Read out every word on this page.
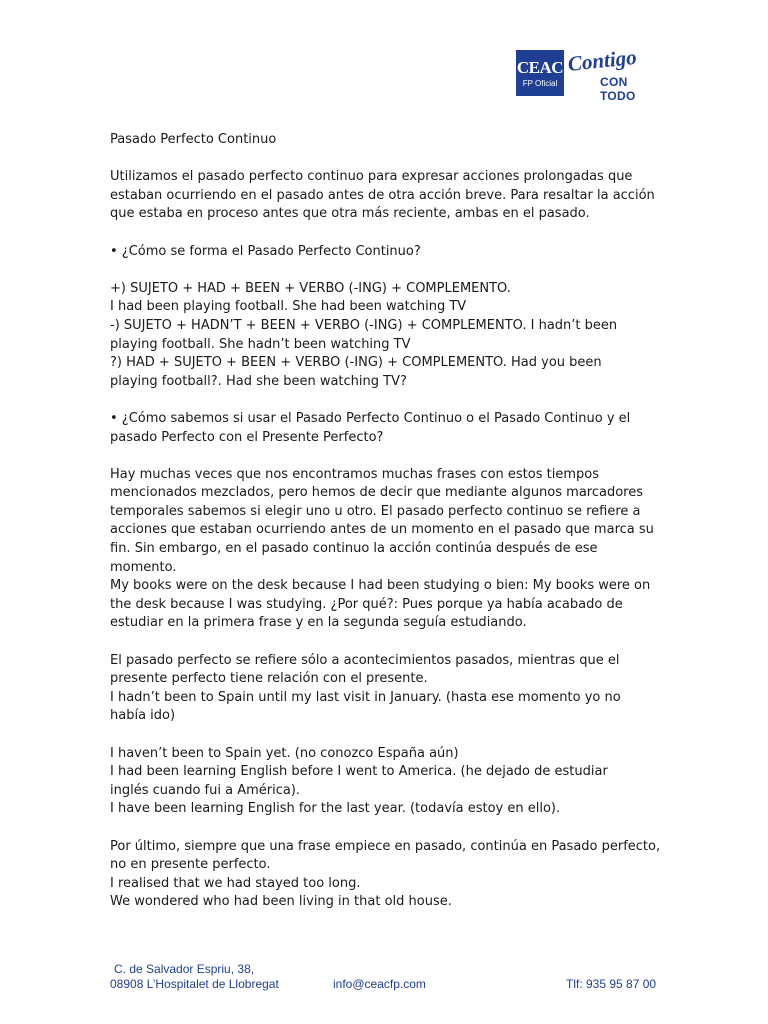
CEAC
FP Oficial
Contigo
CON TODO

Pasado Perfecto Continuo

Utilizamos el pasado perfecto continuo para expresar acciones prolongadas que

estaban ocurriendo en el pasado antes de otra acción breve. Para resaltar la acción

que estaba en proceso antes que otra más reciente, ambas en el pasado.

• ¿Cómo se forma el Pasado Perfecto Continuo?

+) SUJETO + HAD + BEEN + VERBO (-ING) + COMPLEMENTO.

I had been playing football. She had been watching TV

-) SUJETO + HADN’T + BEEN + VERBO (-ING) + COMPLEMENTO. I hadn’t been

playing football. She hadn’t been watching TV

?) HAD + SUJETO + BEEN + VERBO (-ING) + COMPLEMENTO. Had you been

playing football?. Had she been watching TV?

• ¿Cómo sabemos si usar el Pasado Perfecto Continuo o el Pasado Continuo y el

pasado Perfecto con el Presente Perfecto?

Hay muchas veces que nos encontramos muchas frases con estos tiempos

mencionados mezclados, pero hemos de decir que mediante algunos marcadores

temporales sabemos si elegir uno u otro. El pasado perfecto continuo se refiere a

acciones que estaban ocurriendo antes de un momento en el pasado que marca su

fin. Sin embargo, en el pasado continuo la acción continúa después de ese momento.

My books were on the desk because I had been studying o bien: My books were on

the desk because I was studying. ¿Por qué?: Pues porque ya había acabado de

estudiar en la primera frase y en la segunda seguía estudiando.

El pasado perfecto se refiere sólo a acontecimientos pasados, mientras que el

presente perfecto tiene relación con el presente.

I hadn’t been to Spain until my last visit in January. (hasta ese momento yo no

había ido)

I haven’t been to Spain yet. (no conozco España aún)

I had been learning English before I went to America. (he dejado de estudiar

inglés cuando fui a América).

I have been learning English for the last year. (todavía estoy en ello).

Por último, siempre que una frase empiece en pasado, continúa en Pasado perfecto,

no en presente perfecto.

I realised that we had stayed too long.

We wondered who had been living in that old house.

C. de Salvador Espriu, 38,
08908 L’Hospitalet de Llobregat	info@ceacfp.com	Tlf: 935 95 87 00
